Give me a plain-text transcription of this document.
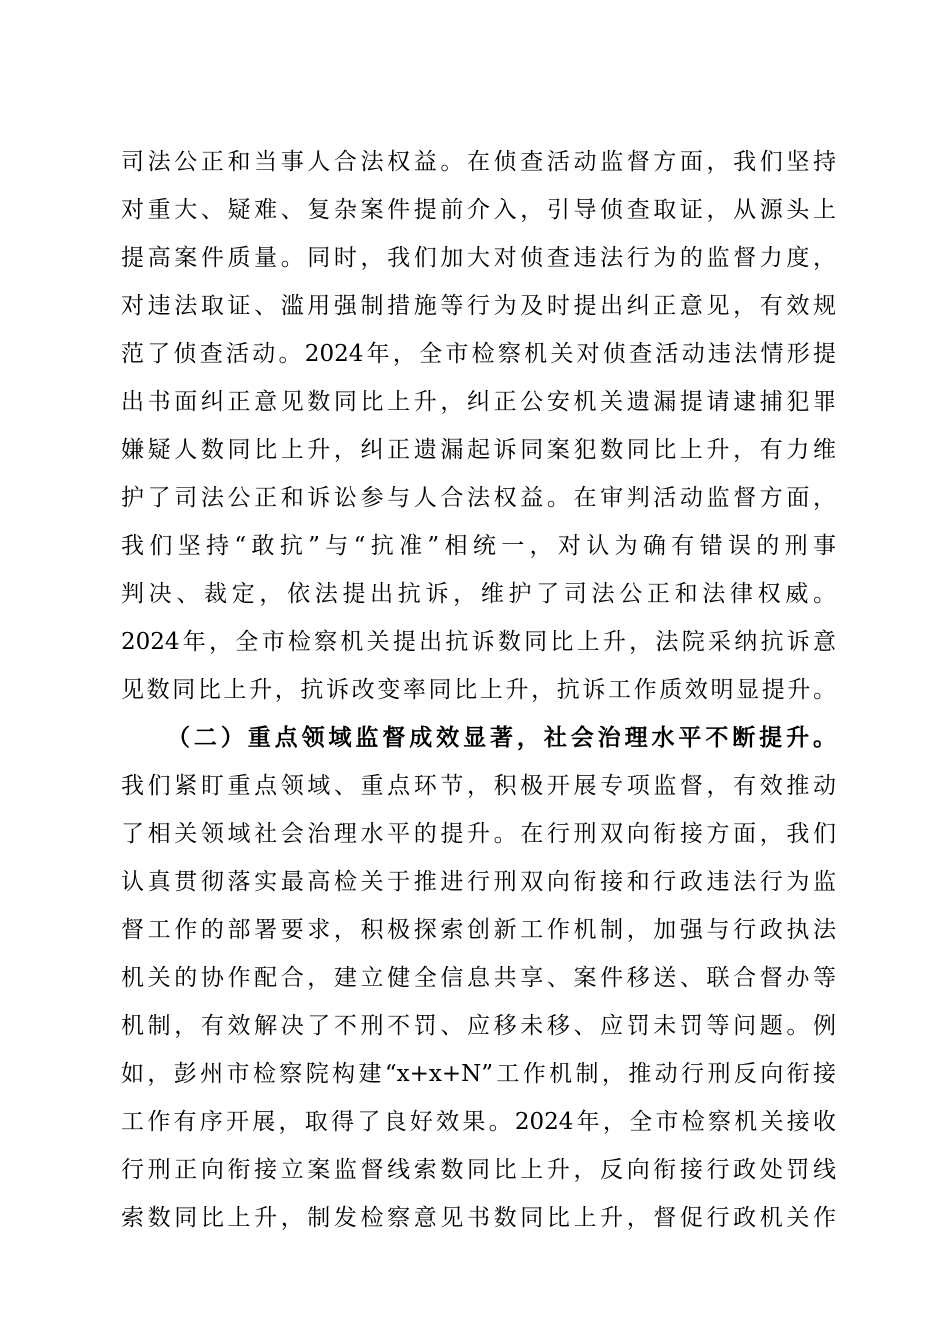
司法公正和当事人合法权益。在侦查活动监督方面，我们坚持
对重大、疑难、复杂案件提前介入，引导侦查取证，从源头上
提高案件质量。同时，我们加大对侦查违法行为的监督力度，
对违法取证、滥用强制措施等行为及时提出纠正意见，有效规
范了侦查活动。2024年，全市检察机关对侦查活动违法情形提
出书面纠正意见数同比上升，纠正公安机关遗漏提请逮捕犯罪
嫌疑人数同比上升，纠正遗漏起诉同案犯数同比上升，有力维
护了司法公正和诉讼参与人合法权益。在审判活动监督方面，
我们坚持“敢抗”与“抗准”相统一，对认为确有错误的刑事
判决、裁定，依法提出抗诉，维护了司法公正和法律权威。
2024年，全市检察机关提出抗诉数同比上升，法院采纳抗诉意
见数同比上升，抗诉改变率同比上升，抗诉工作质效明显提升。
（二）重点领域监督成效显著，社会治理水平不断提升。
我们紧盯重点领域、重点环节，积极开展专项监督，有效推动
了相关领域社会治理水平的提升。在行刑双向衔接方面，我们
认真贯彻落实最高检关于推进行刑双向衔接和行政违法行为监
督工作的部署要求，积极探索创新工作机制，加强与行政执法
机关的协作配合，建立健全信息共享、案件移送、联合督办等
机制，有效解决了不刑不罚、应移未移、应罚未罚等问题。例
如，彭州市检察院构建“x+x+N”工作机制，推动行刑反向衔接
工作有序开展，取得了良好效果。2024年，全市检察机关接收
行刑正向衔接立案监督线索数同比上升，反向衔接行政处罚线
索数同比上升，制发检察意见书数同比上升，督促行政机关作
